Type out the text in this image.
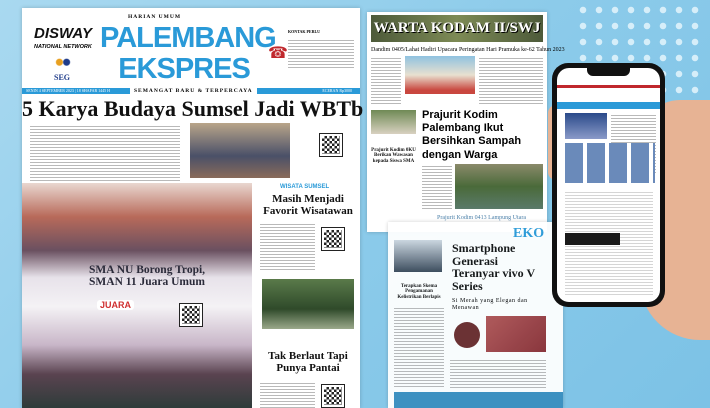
WARTA KODAM II/SWJ
Dandim 0405/Lahat Hadiri Upacara Peringatan Hari Pramuka ke-62 Tahun 2023
Prajurit Kodim 0KU Berikan Wawasan kepada Siswa SMA
Prajurit Kodim Palembang Ikut Bersihkan Sampah dengan Warga
Prajurit Kodim 0413 Lampung Utara
EKO
Terapkan Skema Pengamanan Kelistrikan Berlapis
Smartphone Generasi Teranyar vivo V Series
Si Merah yang Elegan dan Menawan
DISWAY
NATIONAL NETWORK
SEG
HARIAN UMUM
PALEMBANG
EKSPRES	☎
KONTAK PERLU
SENIN 4 SEPTEMBER 2023 | 18 SHAFAR 1445 H	SEMANGAT BARU & TERPERCAYA	ECERAN Rp3000
5 Karya Budaya Sumsel Jadi WBTb
SMA NU Borong Tropi, SMAN 11 Juara Umum
JUARA
WISATA SUMSEL
Masih Menjadi Favorit Wisatawan
Tak Berlaut Tapi Punya Pantai
